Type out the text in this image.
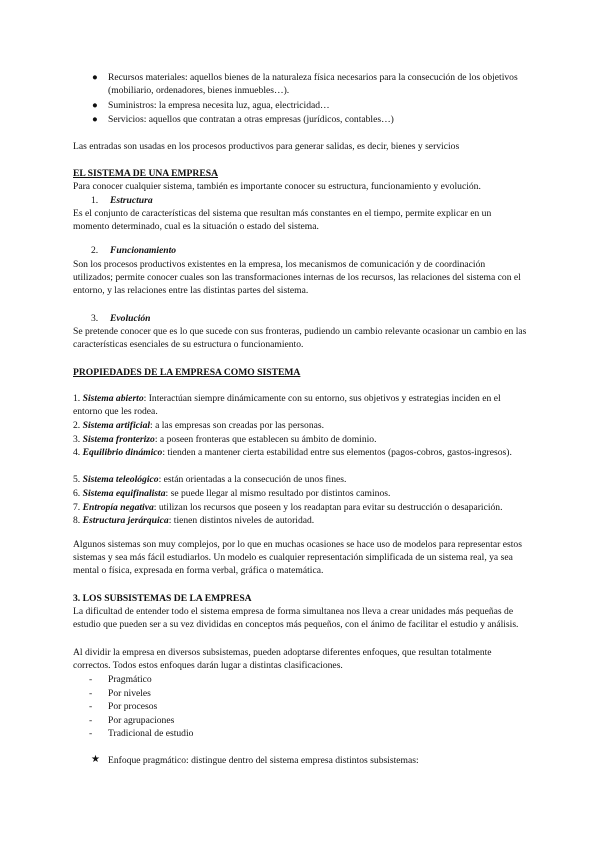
●	Recursos materiales: aquellos bienes de la naturaleza física necesarios para la consecución de los objetivos (mobiliario, ordenadores, bienes inmuebles…).

●	Suministros: la empresa necesita luz, agua, electricidad…

●	Servicios: aquellos que contratan a otras empresas (jurídicos, contables…)

Las entradas son usadas en los procesos productivos para generar salidas, es decir, bienes y servicios

EL SISTEMA DE UNA EMPRESA

Para conocer cualquier sistema, también es importante conocer su estructura, funcionamiento y evolución.

1. Estructura

Es el conjunto de características del sistema que resultan más constantes en el tiempo, permite explicar en un momento determinado, cual es la situación o estado del sistema.

2. Funcionamiento

Son los procesos productivos existentes en la empresa, los mecanismos de comunicación y de coordinación utilizados; permite conocer cuales son las transformaciones internas de los recursos, las relaciones del sistema con el entorno, y las relaciones entre las distintas partes del sistema.

3. Evolución

Se pretende conocer que es lo que sucede con sus fronteras, pudiendo un cambio relevante ocasionar un cambio en las características esenciales de su estructura o funcionamiento.

PROPIEDADES DE LA EMPRESA COMO SISTEMA

1. Sistema abierto: Interactúan siempre dinámicamente con su entorno, sus objetivos y estrategias inciden en el entorno que les rodea.

2. Sistema artificial: a las empresas son creadas por las personas.

3. Sistema fronterizo: a poseen fronteras que establecen su ámbito de dominio.

4. Equilibrio dinámico: tienden a mantener cierta estabilidad entre sus elementos (pagos-cobros, gastos-ingresos).

5. Sistema teleológico: están orientadas a la consecución de unos fines.

6. Sistema equifinalista: se puede llegar al mismo resultado por distintos caminos.

7. Entropía negativa: utilizan los recursos que poseen y los readaptan para evitar su destrucción o desaparición.

8. Estructura jerárquica: tienen distintos niveles de autoridad.

Algunos sistemas son muy complejos, por lo que en muchas ocasiones se hace uso de modelos para representar estos sistemas y sea más fácil estudiarlos. Un modelo es cualquier representación simplificada de un sistema real, ya sea mental o física, expresada en forma verbal, gráfica o matemática.

3. LOS SUBSISTEMAS DE LA EMPRESA

La dificultad de entender todo el sistema empresa de forma simultanea nos lleva a crear unidades más pequeñas de estudio que pueden ser a su vez divididas en conceptos más pequeños, con el ánimo de facilitar el estudio y análisis.

Al dividir la empresa en diversos subsistemas, pueden adoptarse diferentes enfoques, que resultan totalmente correctos. Todos estos enfoques darán lugar a distintas clasificaciones.

- Pragmático
- Por niveles
- Por procesos
- Por agrupaciones
- Tradicional de estudio
★ Enfoque pragmático: distingue dentro del sistema empresa distintos subsistemas:
